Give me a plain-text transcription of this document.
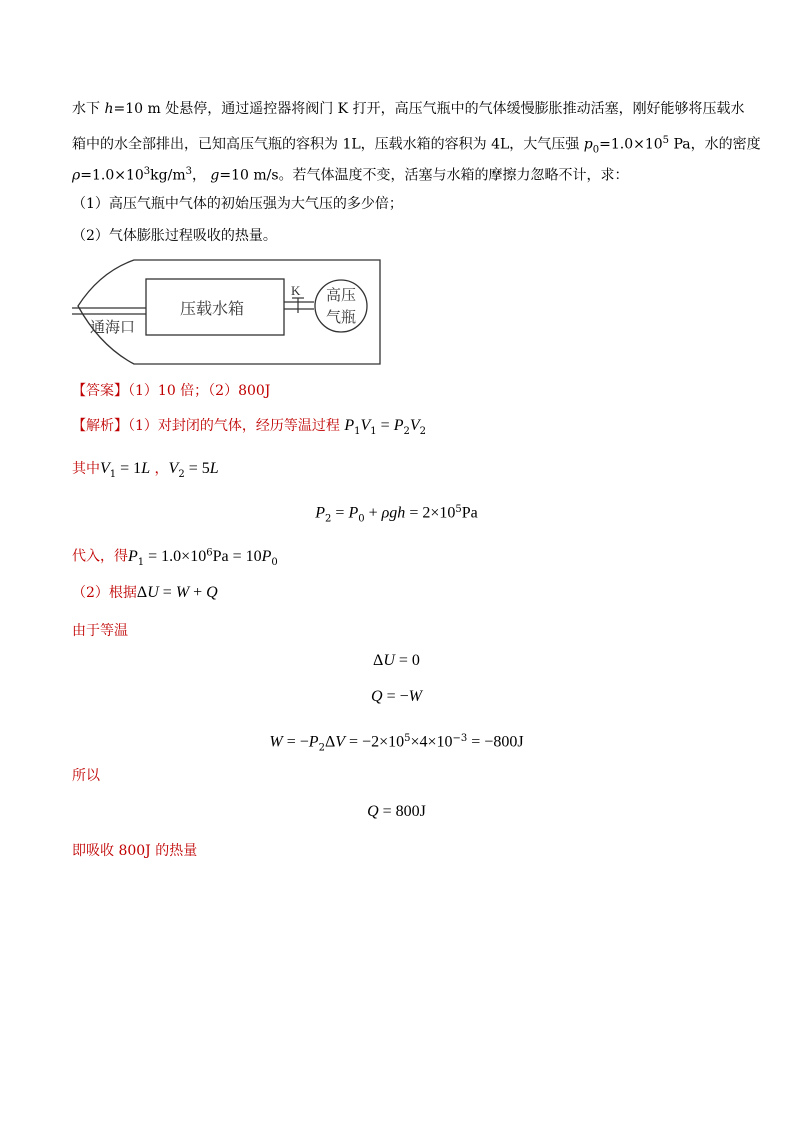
水下 h=10 m 处悬停，通过遥控器将阀门 K 打开，高压气瓶中的气体缓慢膨胀推动活塞，刚好能够将压载水
箱中的水全部排出，已知高压气瓶的容积为 1L，压载水箱的容积为 4L，大气压强 $p_0=1.0\times 10^5$ Pa，水的密度
$\rho=1.0\times 10^3kg/m^3$， g=10 m/s。若气体温度不变，活塞与水箱的摩擦力忽略不计，求：
（1）高压气瓶中气体的初始压强为大气压的多少倍；
（2）气体膨胀过程吸收的热量。
压载水箱
K 高压
气瓶
通海口
【答案】（1）10 倍；（2）800J
【解析】（1）对封闭的气体，经历等温过程 $P_1V_1 = P_2V_2$
其中$V_1 = 1L$ ，$V_2 = 5L$
$P_2 = P_0 + \rho gh = 2\times 10^5Pa$
代入，得$P_1 = 1.0\times 10^6Pa = 10P_0$
（2）根据ΔU = W + Q
由于等温
ΔU = 0
Q = −W
$W = -P_2\Delta V = -2\times 10^5\times 4\times 10^{-3} = -800J$
所以
Q = 800J
即吸收 800J 的热量
